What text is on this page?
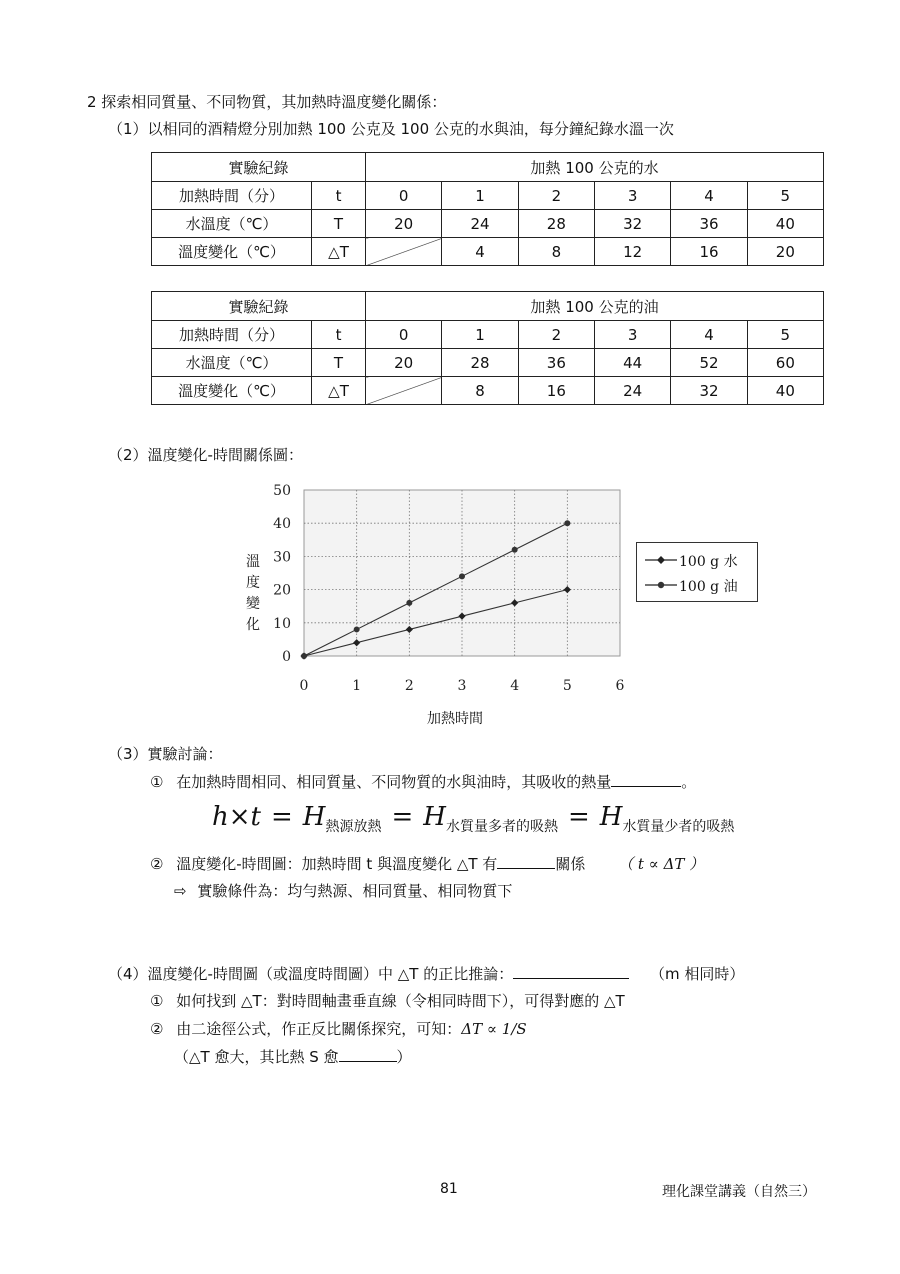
2 探索相同質量、不同物質，其加熱時溫度變化關係：
（1）以相同的酒精燈分別加熱 100 公克及 100 公克的水與油，每分鐘紀錄水溫一次
實驗紀錄		加熱 100 公克的水					
加熱時間（分）	t	0	1	2	3	4	5
水溫度（℃）	T	20	24	28	32	36	40
溫度變化（℃）	△T		4	8	12	16	20
實驗紀錄		加熱 100 公克的油					
加熱時間（分）	t	0	1	2	3	4	5
水溫度（℃）	T	20	28	36	44	52	60
溫度變化（℃）	△T		8	16	24	32	40
（2）溫度變化-時間關係圖：
0
10
20
30
40
50
0	1	2	3	4	5	6
溫度變化
加熱時間
100 g 水
100 g 油
（3）實驗討論：
① 在加熱時間相同、相同質量、不同物質的水與油時，其吸收的熱量	。
$h\times t = H_{熱源放熱} = H_{水質量多者的吸熱} = H_{水質量少者的吸熱}$
② 溫度變化-時間圖：加熱時間 t 與溫度變化 △T 有	關係 （ t ∝ ΔT ）
⇨ 實驗條件為：均勻熱源、相同質量、相同物質下
（4）溫度變化-時間圖（或溫度時間圖）中 △T 的正比推論：	（m 相同時）
① 如何找到 △T：對時間軸畫垂直線（令相同時間下），可得對應的 △T
② 由二途徑公式，作正反比關係探究，可知：ΔT ∝ 1/S
（△T 愈大，其比熱 S 愈	）
81	理化課堂講義（自然三）
